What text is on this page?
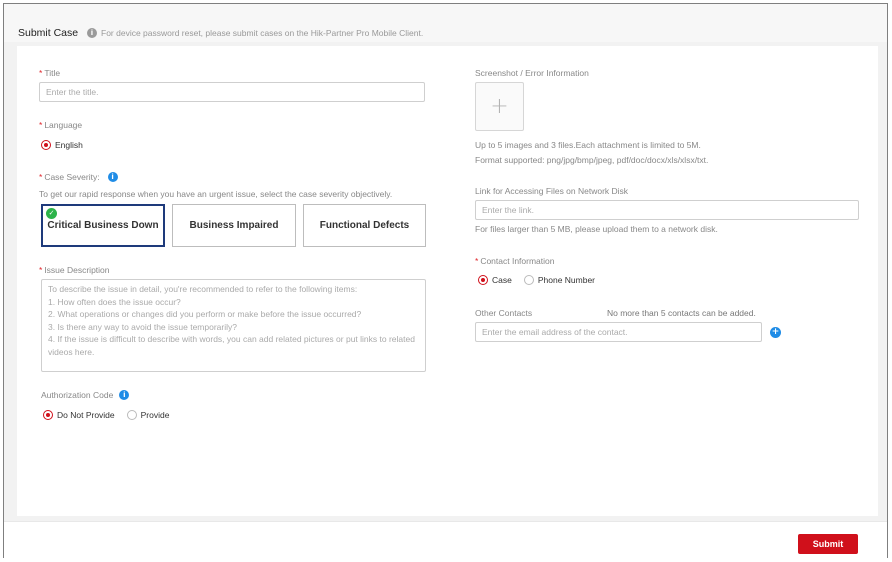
Submit Case	i For device password reset, please submit cases on the Hik-Partner Pro Mobile Client.
* Title
Enter the title.
* Language
English
* Case Severity:	i
To get our rapid response when you have an urgent issue, select the case severity objectively.
✓
Critical Business Down	Business Impaired	Functional Defects
* Issue Description
To describe the issue in detail, you're recommended to refer to the following items: 1. How often does the issue occur? 2. What operations or changes did you perform or make before the issue occurred? 3. Is there any way to avoid the issue temporarily? 4. If the issue is difficult to describe with words, you can add related pictures or put links to related videos here.
Authorization Code	i
Do Not Provide	Provide
Screenshot / Error Information
+
Up to 5 images and 3 files.Each attachment is limited to 5M.
Format supported: png/jpg/bmp/jpeg, pdf/doc/docx/xls/xlsx/txt.
Link for Accessing Files on Network Disk
Enter the link.
For files larger than 5 MB, please upload them to a network disk.
* Contact Information
Case	Phone Number
Other Contacts	No more than 5 contacts can be added.
Enter the email address of the contact.
+
Submit
